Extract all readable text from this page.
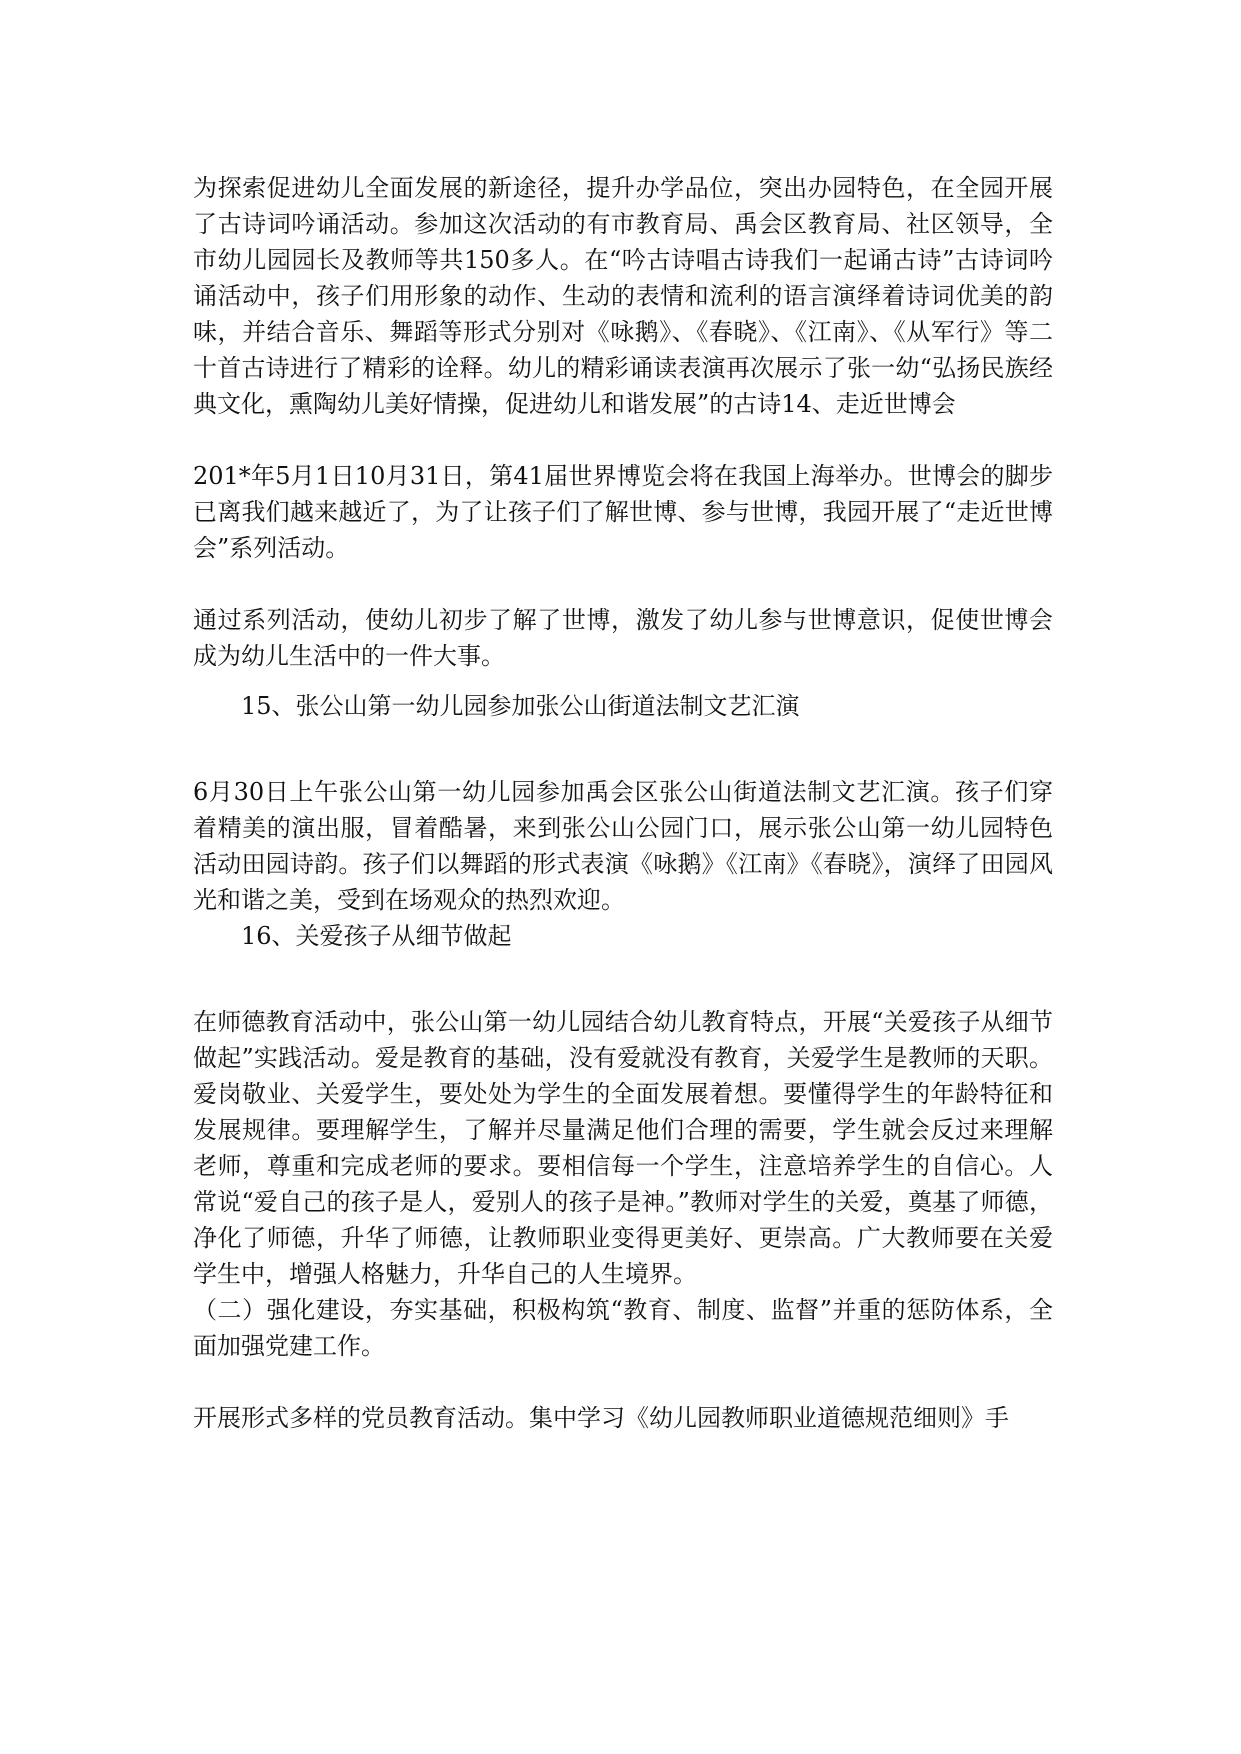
为探索促进幼儿全面发展的新途径，提升办学品位，突出办园特色，在全园开展了古诗词吟诵活动。参加这次活动的有市教育局、禹会区教育局、社区领导，全市幼儿园园长及教师等共150多人。在“吟古诗唱古诗我们一起诵古诗”古诗词吟诵活动中，孩子们用形象的动作、生动的表情和流利的语言演绎着诗词优美的韵味，并结合音乐、舞蹈等形式分别对《咏鹅》、《春晓》、《江南》、《从军行》等二十首古诗进行了精彩的诠释。幼儿的精彩诵读表演再次展示了张一幼“弘扬民族经典文化，熏陶幼儿美好情操，促进幼儿和谐发展”的古诗14、走近世博会

201*年5月1日10月31日，第41届世界博览会将在我国上海举办。世博会的脚步已离我们越来越近了，为了让孩子们了解世博、参与世博，我园开展了“走近世博会”系列活动。

通过系列活动，使幼儿初步了解了世博，激发了幼儿参与世博意识，促使世博会成为幼儿生活中的一件大事。

15、张公山第一幼儿园参加张公山街道法制文艺汇演

6月30日上午张公山第一幼儿园参加禹会区张公山街道法制文艺汇演。孩子们穿着精美的演出服，冒着酷暑，来到张公山公园门口，展示张公山第一幼儿园特色活动田园诗韵。孩子们以舞蹈的形式表演《咏鹅》《江南》《春晓》，演绎了田园风光和谐之美，受到在场观众的热烈欢迎。

16、关爱孩子从细节做起

在师德教育活动中，张公山第一幼儿园结合幼儿教育特点，开展“关爱孩子从细节做起”实践活动。爱是教育的基础，没有爱就没有教育，关爱学生是教师的天职。爱岗敬业、关爱学生，要处处为学生的全面发展着想。要懂得学生的年龄特征和发展规律。要理解学生，了解并尽量满足他们合理的需要，学生就会反过来理解老师，尊重和完成老师的要求。要相信每一个学生，注意培养学生的自信心。人常说“爱自己的孩子是人，爱别人的孩子是神。”教师对学生的关爱，奠基了师德，净化了师德，升华了师德，让教师职业变得更美好、更崇高。广大教师要在关爱学生中，增强人格魅力，升华自己的人生境界。

（二）强化建设，夯实基础，积极构筑“教育、制度、监督”并重的惩防体系，全面加强党建工作。

开展形式多样的党员教育活动。集中学习《幼儿园教师职业道德规范细则》手
